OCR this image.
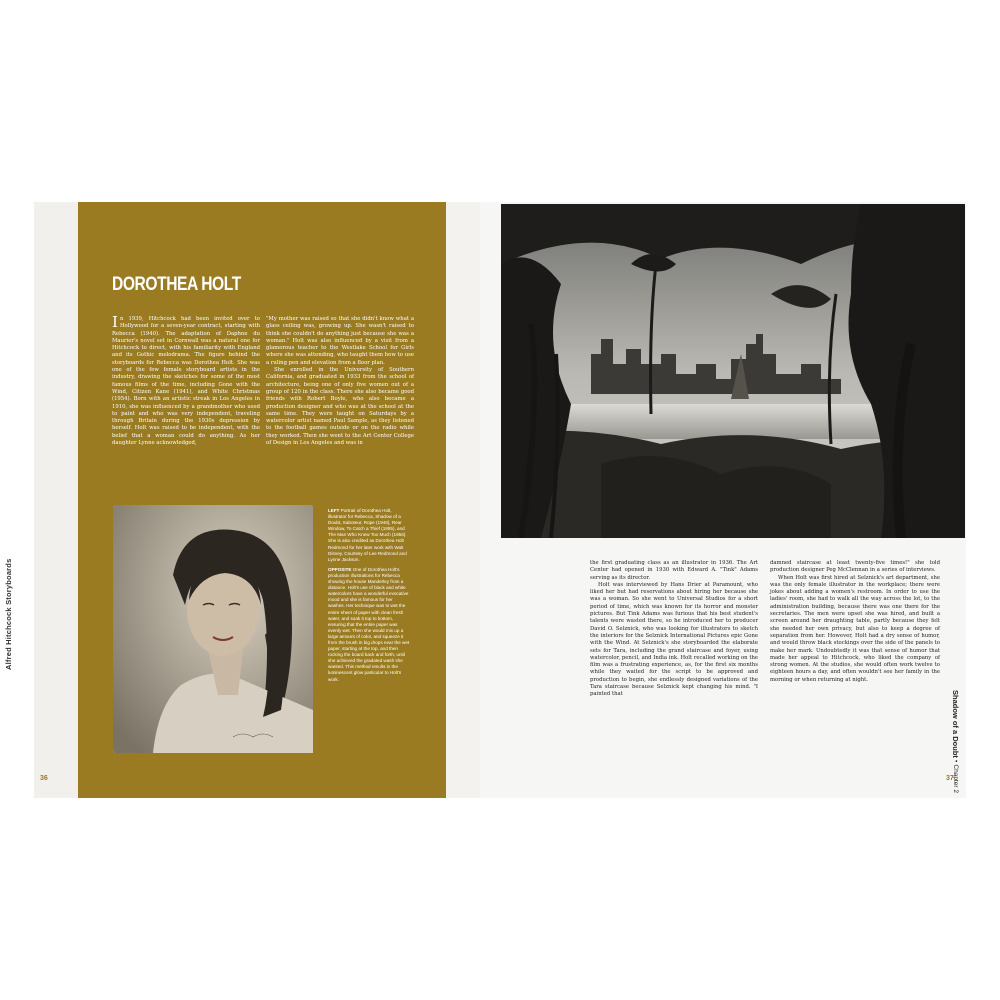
Alfred Hitchcock Storyboards
36
DOROTHEA HOLT

In 1939, Hitchcock had been invited over to Hollywood for a seven-year contract, starting with Rebecca (1940). The adaptation of Daphne du Maurier's novel set in Cornwall was a natural one for Hitchcock to direct, with his familiarity with England and its Gothic melodrama. The figure behind the storyboards for Rebecca was Dorothea Holt. She was one of the few female storyboard artists in the industry, drawing the sketches for some of the most famous films of the time, including Gone with the Wind, Citizen Kane (1941), and White Christmas (1954). Born with an artistic streak in Los Angeles in 1910, she was influenced by a grandmother who used to paint and who was very independent, traveling through Britain during the 1930s depression by herself. Holt was raised to be independent, with the belief that a woman could do anything. As her daughter Lynne acknowledged,

"My mother was raised so that she didn't know what a glass ceiling was, growing up. She wasn't raised to think she couldn't do anything just because she was a woman." Holt was also influenced by a visit from a glamorous teacher to the Westlake School for Girls where she was attending, who taught them how to use a ruling pen and elevation from a floor plan.

She enrolled in the University of Southern California, and graduated in 1933 from the school of architecture, being one of only five women out of a group of 120 in the class. There she also became good friends with Robert Boyle, who also became a production designer and who was at the school at the same time. They were taught on Saturdays by a watercolor artist named Paul Sample, as they listened to the football games outside or on the radio while they worked. Then she went to the Art Center College of Design in Los Angeles and was in

LEFT Portrait of Dorothea Holt, illustrator for Rebecca, Shadow of a Doubt, Saboteur, Rope (1948), Rear Window, To Catch a Thief (1955), and The Man Who Knew Too Much (1956). She is also credited as Dorothea Holt Redmond for her later work with Walt Disney. Courtesy of Lee Redmond and Lynne Jackson.

OPPOSITE One of Dorothea Holt's production illustrations for Rebecca showing the house Manderley from a distance. Holt's use of black and white watercolors have a wonderful evocative mood and she is famous for her washes. Her technique was to wet the entire sheet of paper with clean fresh water, and soak it top to bottom, ensuring that the entire paper was evenly wet. Then she would mix up a large amount of color, and squeeze it from the brush in big drops near the wet paper, starting at the top, and then rocking the board back and forth, until she achieved the gradated wash she wanted. This method results in the luminescent glow particular to Holt's work.

the first graduating class as an illustrator in 1936. The Art Center had opened in 1930 with Edward A. "Tink" Adams serving as its director.

Holt was interviewed by Hans Drier at Paramount, who liked her but had reservations about hiring her because she was a woman. So she went to Universal Studios for a short period of time, which was known for its horror and monster pictures. But Tink Adams was furious that his best student's talents were wasted there, so he introduced her to producer David O. Selznick, who was looking for illustrators to sketch the interiors for the Selznick International Pictures epic Gone with the Wind. At Selznick's she storyboarded the elaborate sets for Tara, including the grand staircase and foyer, using watercolor, pencil, and India ink. Holt recalled working on the film was a frustrating experience, as, for the first six months while they waited for the script to be approved and production to begin, she endlessly designed variations of the Tara staircase because Selznick kept changing his mind. "I painted that

damned staircase at least twenty-five times!" she told production designer Peg McClennan in a series of interviews.

When Holt was first hired at Selznick's art department, she was the only female illustrator in the workplace; there were jokes about adding a women's restroom. In order to use the ladies' room, she had to walk all the way across the lot, to the administration building, because there was one there for the secretaries. The men were upset she was hired, and built a screen around her draughting table, partly because they felt she needed her own privacy, but also to keep a degree of separation from her. However, Holt had a dry sense of humor, and would throw black stockings over the side of the panels to make her mark. Undoubtedly it was that sense of humor that made her appeal to Hitchcock, who liked the company of strong women. At the studios, she would often work twelve to eighteen hours a day, and often wouldn't see her family in the morning or when returning at night.

Shadow of a Doubt • Chapter 2
37
